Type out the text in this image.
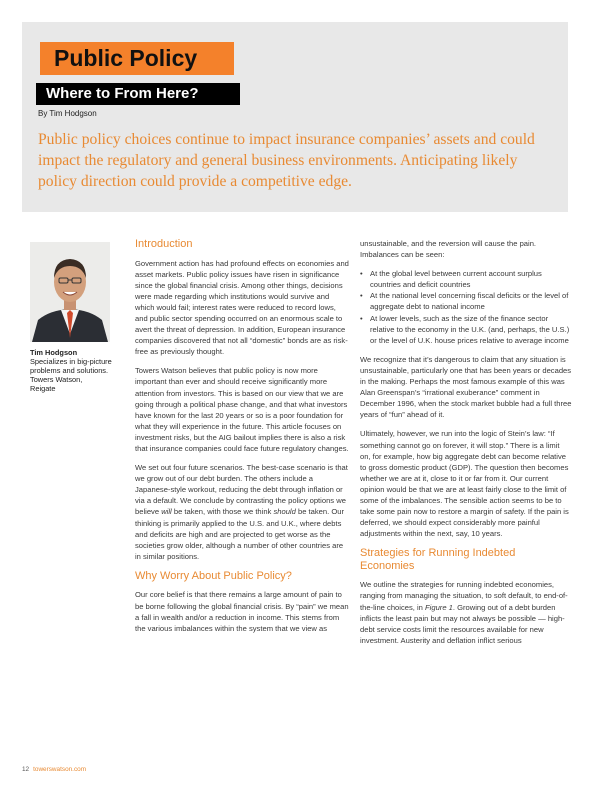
Public Policy
Where to From Here?
By Tim Hodgson

Public policy choices continue to impact insurance companies’ assets and could impact the regulatory and general business environments. Anticipating likely policy direction could provide a competitive edge.

Tim Hodgson
Specializes in big-picture problems and solutions.
Towers Watson,
Reigate
Introduction

Government action has had profound effects on economies and asset markets. Public policy issues have risen in significance since the global financial crisis. Among other things, decisions were made regarding which institutions would survive and which would fail; interest rates were reduced to record lows, and public sector spending occurred on an enormous scale to avert the threat of depression. In addition, European insurance companies discovered that not all “domestic” bonds are as risk-free as previously thought.

Towers Watson believes that public policy is now more important than ever and should receive significantly more attention from investors. This is based on our view that we are going through a political phase change, and that what investors have known for the last 20 years or so is a poor foundation for what they will experience in the future. This article focuses on investment risks, but the AIG bailout implies there is also a risk that insurance companies could face future regulatory changes.

We set out four future scenarios. The best-case scenario is that we grow out of our debt burden. The others include a Japanese-style workout, reducing the debt through inflation or via a default. We conclude by contrasting the policy options we believe will be taken, with those we think should be taken. Our thinking is primarily applied to the U.S. and U.K., where debts and deficits are high and are projected to get worse as the societies grow older, although a number of other countries are in similar positions.

Why Worry About Public Policy?

Our core belief is that there remains a large amount of pain to be borne following the global financial crisis. By “pain” we mean a fall in wealth and/or a reduction in income. This stems from the various imbalances within the system that we view as

unsustainable, and the reversion will cause the pain. Imbalances can be seen:

• At the global level between current account surplus countries and deficit countries
• At the national level concerning fiscal deficits or the level of aggregate debt to national income
• At lower levels, such as the size of the finance sector relative to the economy in the U.K. (and, perhaps, the U.S.) or the level of U.K. house prices relative to average income

We recognize that it’s dangerous to claim that any situation is unsustainable, particularly one that has been years or decades in the making. Perhaps the most famous example of this was Alan Greenspan’s “irrational exuberance” comment in December 1996, when the stock market bubble had a full three years of “fun” ahead of it.

Ultimately, however, we run into the logic of Stein’s law: “If something cannot go on forever, it will stop.” There is a limit on, for example, how big aggregate debt can become relative to gross domestic product (GDP). The question then becomes whether we are at it, close to it or far from it. Our current opinion would be that we are at least fairly close to the limit of some of the imbalances. The sensible action seems to be to take some pain now to restore a margin of safety. If the pain is deferred, we should expect considerably more painful adjustments within the next, say, 10 years.

Strategies for Running Indebted Economies

We outline the strategies for running indebted economies, ranging from managing the situation, to soft default, to end-of-the-line choices, in Figure 1. Growing out of a debt burden inflicts the least pain but may not always be possible — high-debt service costs limit the resources available for new investment. Austerity and deflation inflict serious

12 towerswatson.com
